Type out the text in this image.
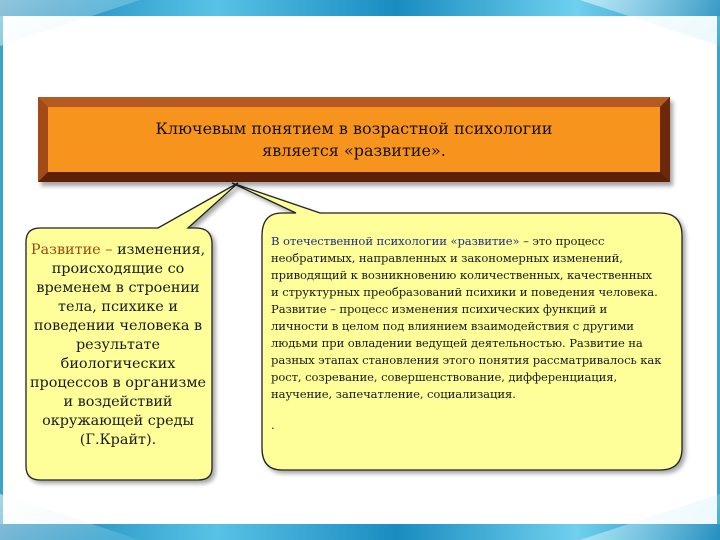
Ключевым понятием в возрастной психологии
является «развитие».
Развитие – изменения, происходящие со временем в строении тела, психике и поведении человека в результате биологических процессов в организме и воздействий окружающей среды (Г.Крайт).
В отечественной психологии «развитие» – это процесс необратимых, направленных и закономерных изменений, приводящий к возникновению количественных, качественных и структурных преобразований психики и поведения человека. Развитие – процесс изменения психических функций и личности в целом под влиянием взаимодействия с другими людьми при овладении ведущей деятельностью. Развитие на разных этапах становления этого понятия рассматривалось как рост, созревание, совершенствование, дифференциация, научение, запечатление, социализация.
.
